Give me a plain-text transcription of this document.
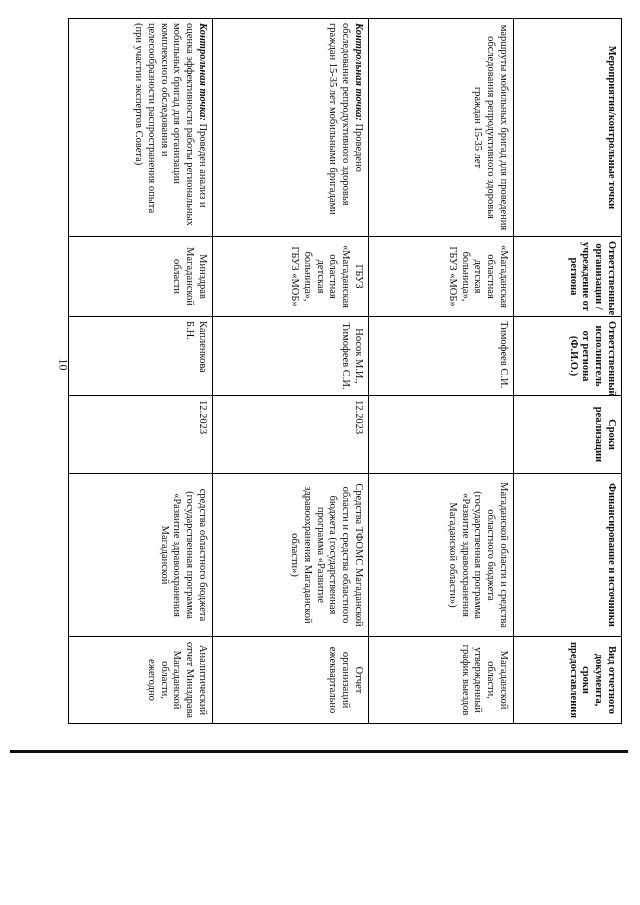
10
Мероприятия/контрольные точки	Ответственные организации / учреждение от региона	Ответственный исполнитель от региона (Ф.И.О.)	Сроки реализации	Финансирование и источники	Вид отчетного документа, сроки предоставления
маршруты мобильных бригад для проведения обследования репродуктивного здоровья граждан 15-35 лет	«Магаданская областная детская больница», ГБУЗ «МОБ»	Тимофеев С.И.		Магаданской области и средства областного бюджета (государственная программа «Развитие здравоохранения Магаданской области»)	Магаданской области, утвержденный график выездов
Контрольная точка: Проведено обследование репродуктивного здоровья граждан 15-35 лет мобильными бригадами	ГБУЗ «Магаданская областная детская больница», ГБУЗ «МОБ»	Носок М.И., Тимофеев С.И.	12.2023	Средства ТФОМС Магаданской области и средства областного бюджета (государственная программа «Развитие здравоохранения Магаданской области»)	Отчет организаций ежеквартально
Контрольная точка: Проведен анализ и оценка эффективности работы региональных мобильных бригад для организации комплексного обследования и целесообразности распространения опыта (при участии экспертов Совета)	Минздрав Магаданской области	Капленкова Б.Н.	12.2023	средства областного бюджета (государственная программа «Развитие здравоохранения Магаданской	Аналитический отчет Минздрава Магаданской области, ежегодно
